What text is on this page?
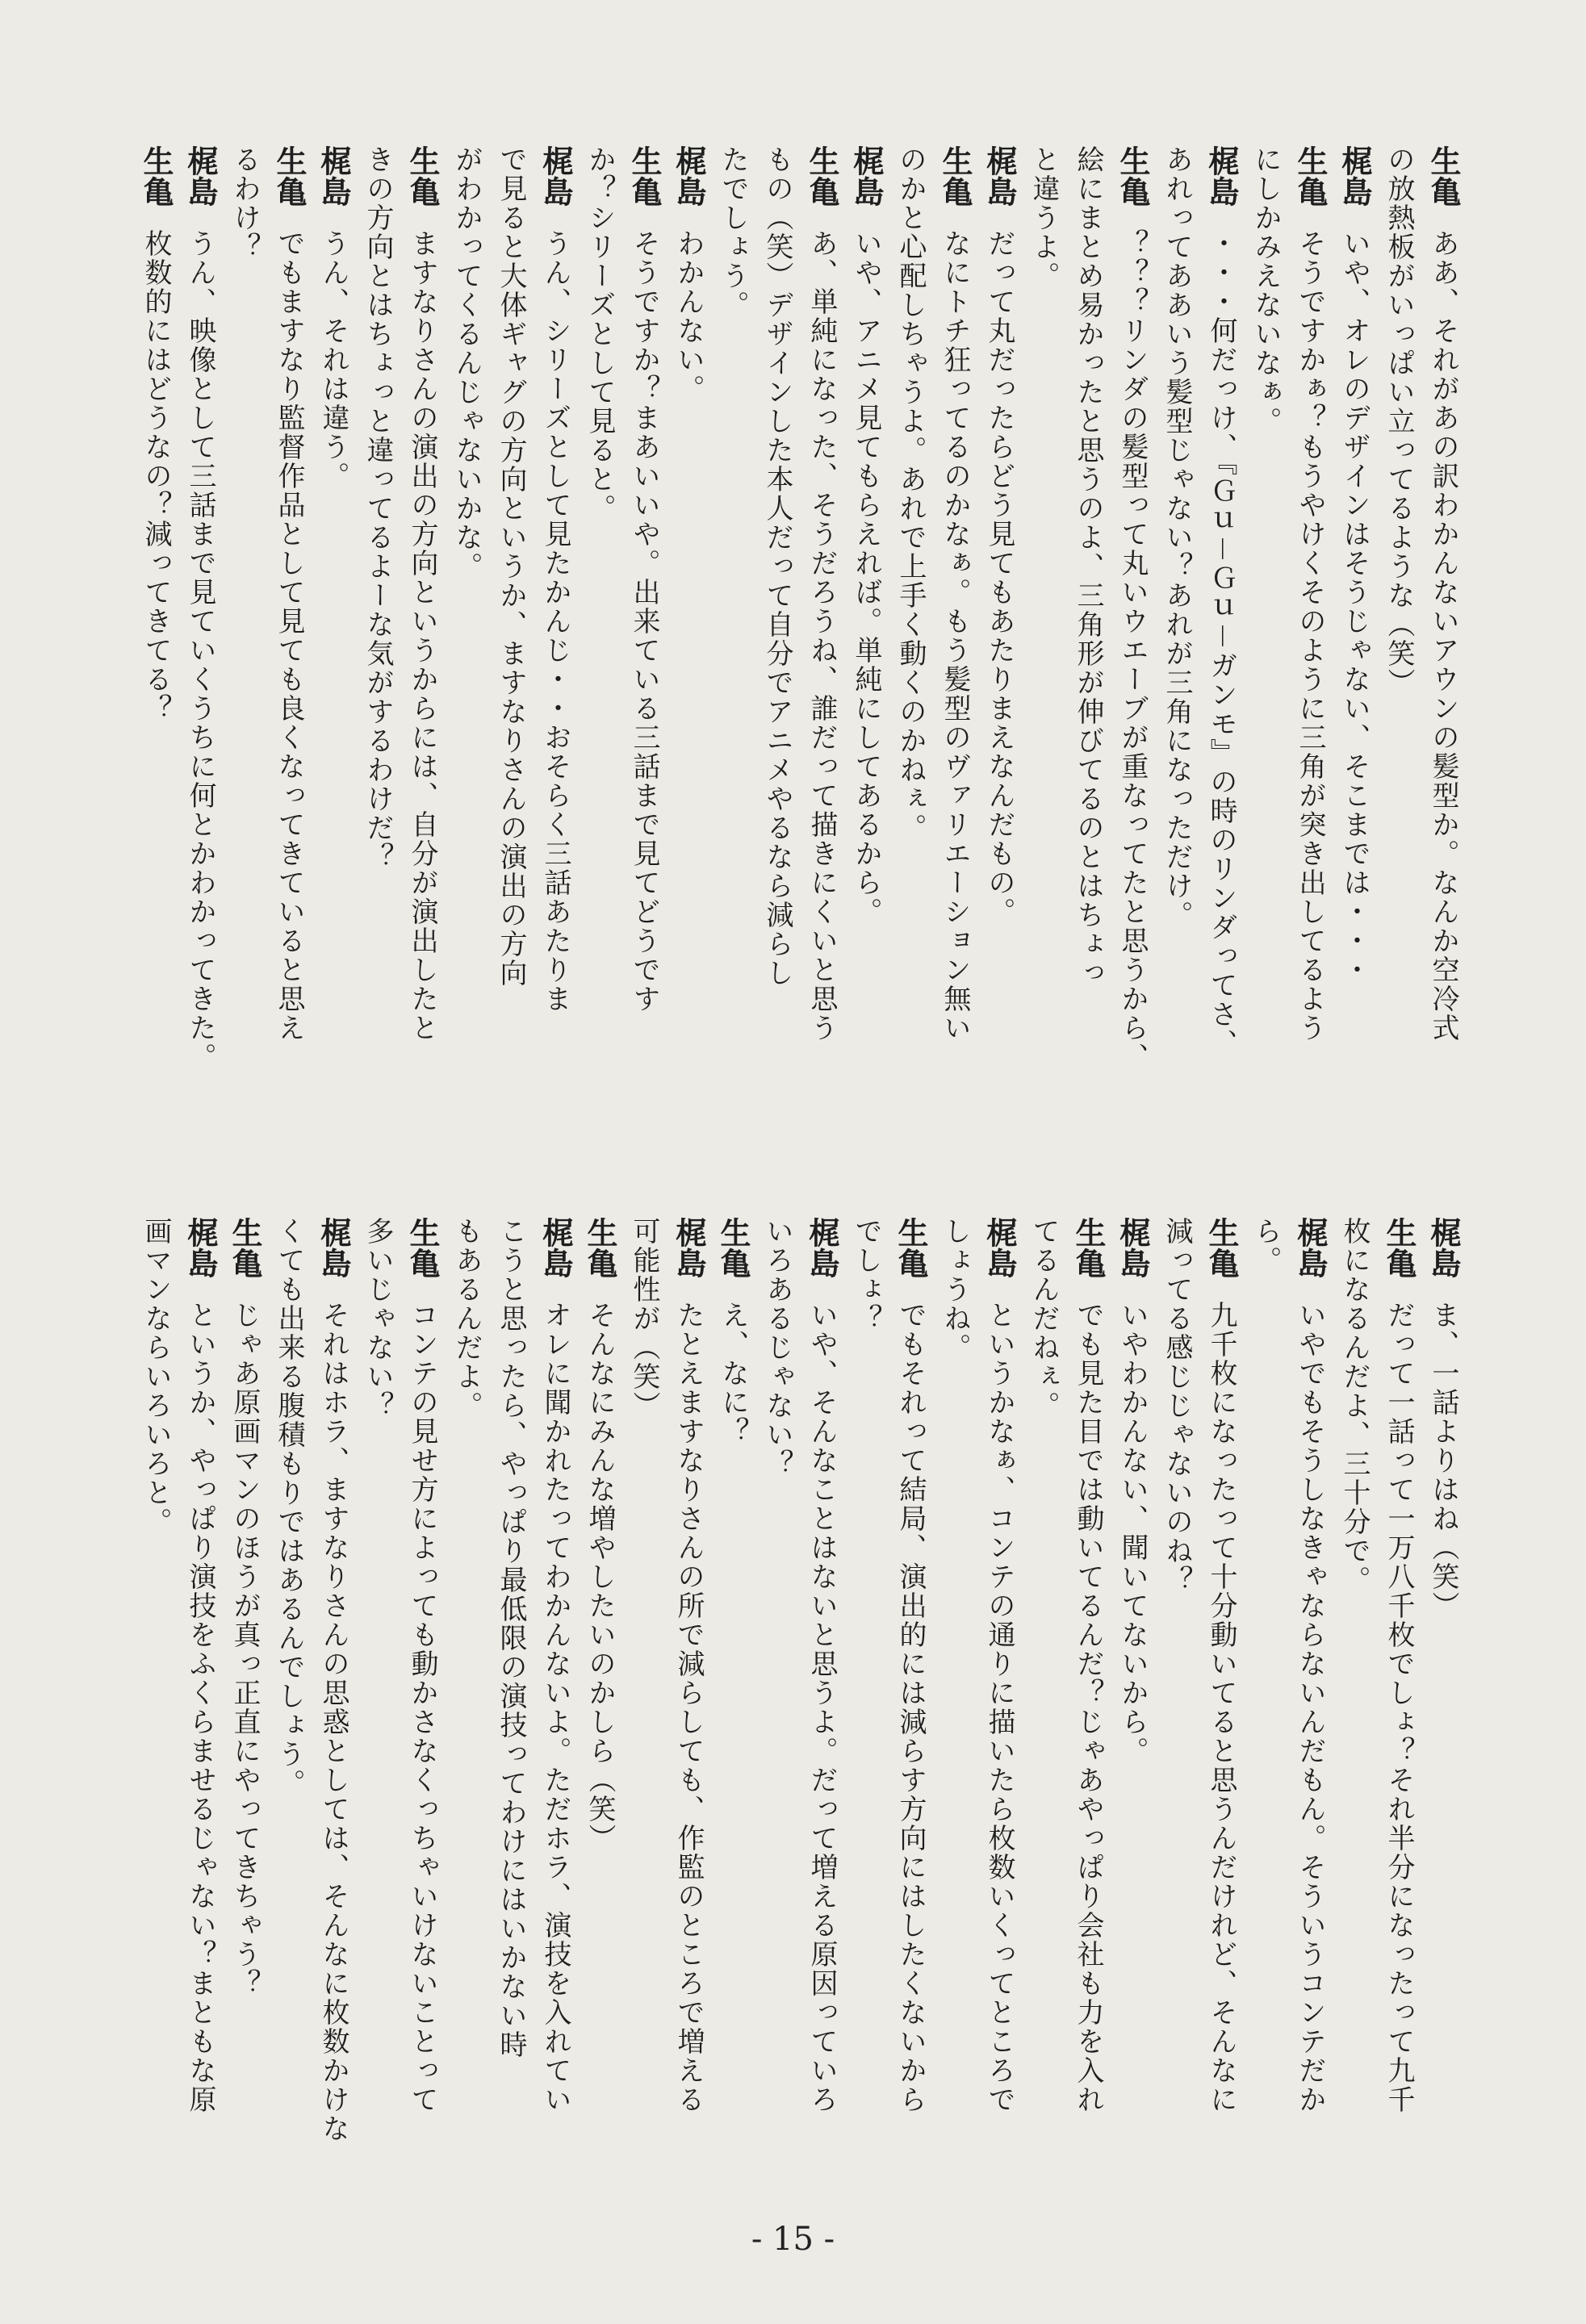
生亀ああ、それがあの訳わかんないアウンの髪型か。なんか空冷式

の放熱板がいっぱい立ってるような（笑）

梶島いや、オレのデザインはそうじゃない、そこまでは・・・

生亀そうですかぁ？もうやけくそのように三角が突き出してるよう

にしかみえないなぁ。

梶島・・・何だっけ、『Ｇｕ－Ｇｕ－ガンモ』の時のリンダってさ、

あれってああいう髪型じゃない？あれが三角になっただけ。

生亀？？？リンダの髪型って丸いウエーブが重なってたと思うから、

絵にまとめ易かったと思うのよ、三角形が伸びてるのとはちょっ

と違うよ。

梶島だって丸だったらどう見てもあたりまえなんだもの。

生亀なにトチ狂ってるのかなぁ。もう髪型のヴァリエーション無い

のかと心配しちゃうよ。あれで上手く動くのかねぇ。

梶島いや、アニメ見てもらえれば。単純にしてあるから。

生亀あ、単純になった、そうだろうね、誰だって描きにくいと思う

もの（笑）デザインした本人だって自分でアニメやるなら減らし

たでしょう。

梶島わかんない。

生亀そうですか？まあいいや。出来ている三話まで見てどうです

か？シリーズとして見ると。

梶島うん、シリーズとして見たかんじ・・おそらく三話あたりま

で見ると大体ギャグの方向というか、ますなりさんの演出の方向

がわかってくるんじゃないかな。

生亀ますなりさんの演出の方向というからには、自分が演出したと

きの方向とはちょっと違ってるよーな気がするわけだ？

梶島うん、それは違う。

生亀でもますなり監督作品として見ても良くなってきていると思え

るわけ？

梶島うん、映像として三話まで見ていくうちに何とかわかってきた。

生亀枚数的にはどうなの？減ってきてる？

梶島ま、一話よりはね（笑）

生亀だって一話って一万八千枚でしょ？それ半分になったって九千

枚になるんだよ、三十分で。

梶島いやでもそうしなきゃならないんだもん。そういうコンテだか

ら。

生亀九千枚になったって十分動いてると思うんだけれど、そんなに

減ってる感じじゃないのね？

梶島いやわかんない、聞いてないから。

生亀でも見た目では動いてるんだ？じゃあやっぱり会社も力を入れ

てるんだねぇ。

梶島というかなぁ、コンテの通りに描いたら枚数いくってところで

しょうね。

生亀でもそれって結局、演出的には減らす方向にはしたくないから

でしょ？

梶島いや、そんなことはないと思うよ。だって増える原因っていろ

いろあるじゃない？

生亀え、なに？

梶島たとえますなりさんの所で減らしても、作監のところで増える

可能性が（笑）

生亀そんなにみんな増やしたいのかしら（笑）

梶島オレに聞かれたってわかんないよ。ただホラ、演技を入れてい

こうと思ったら、やっぱり最低限の演技ってわけにはいかない時

もあるんだよ。

生亀コンテの見せ方によっても動かさなくっちゃいけないことって

多いじゃない？

梶島それはホラ、ますなりさんの思惑としては、そんなに枚数かけな

くても出来る腹積もりではあるんでしょう。

生亀じゃあ原画マンのほうが真っ正直にやってきちゃう？

梶島というか、やっぱり演技をふくらませるじゃない？まともな原

画マンならいろいろと。

- 15 -
